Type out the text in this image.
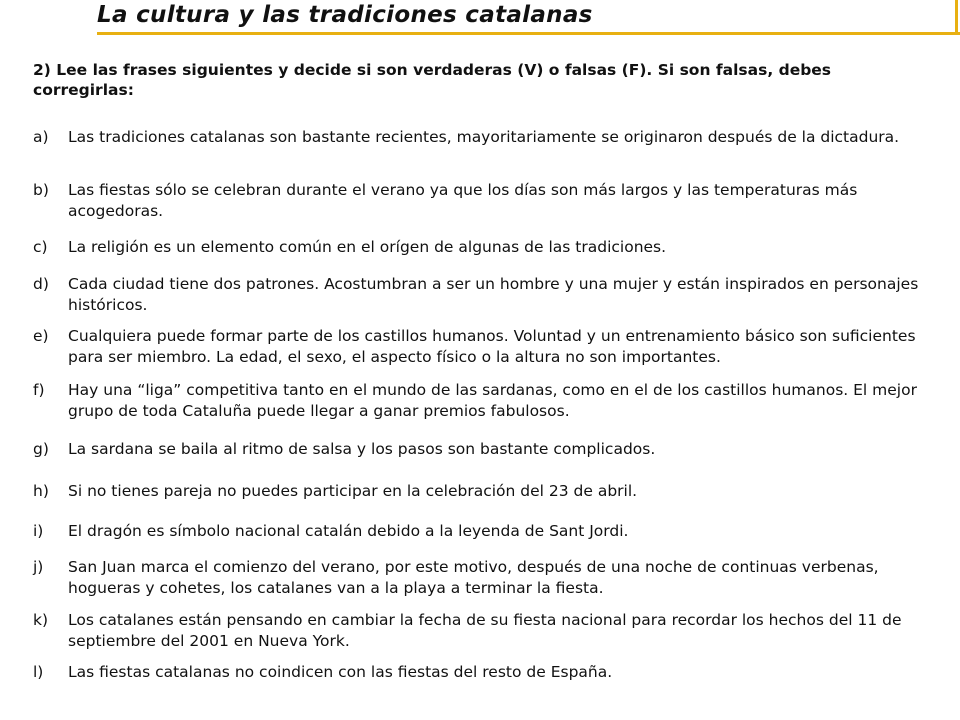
La cultura y las tradiciones catalanas
2) Lee las frases siguientes y decide si son verdaderas (V) o falsas (F). Si son falsas, debes corregirlas:
a) Las tradiciones catalanas son bastante recientes, mayoritariamente se originaron después de la dictadura.
b) Las fiestas sólo se celebran durante el verano ya que los días son más largos y las temperaturas más acogedoras.
c) La religión es un elemento común en el orígen de algunas de las tradiciones.
d) Cada ciudad tiene dos patrones. Acostumbran a ser un hombre y una mujer y están inspirados en personajes históricos.
e) Cualquiera puede formar parte de los castillos humanos. Voluntad y un entrenamiento básico son suficientes para ser miembro. La edad, el sexo, el aspecto físico o la altura no son importantes.
f) Hay una “liga” competitiva tanto en el mundo de las sardanas, como en el de los castillos humanos. El mejor grupo de toda Cataluña puede llegar a ganar premios fabulosos.
g) La sardana se baila al ritmo de salsa y los pasos son bastante complicados.
h) Si no tienes pareja no puedes participar en la celebración del 23 de abril.
i) El dragón es símbolo nacional catalán debido a la leyenda de Sant Jordi.
j) San Juan marca el comienzo del verano, por este motivo, después de una noche de continuas verbenas, hogueras y cohetes, los catalanes van a la playa a terminar la fiesta.
k) Los catalanes están pensando en cambiar la fecha de su fiesta nacional para recordar los hechos del 11 de septiembre del 2001 en Nueva York.
l) Las fiestas catalanas no coindicen con las fiestas del resto de España.
